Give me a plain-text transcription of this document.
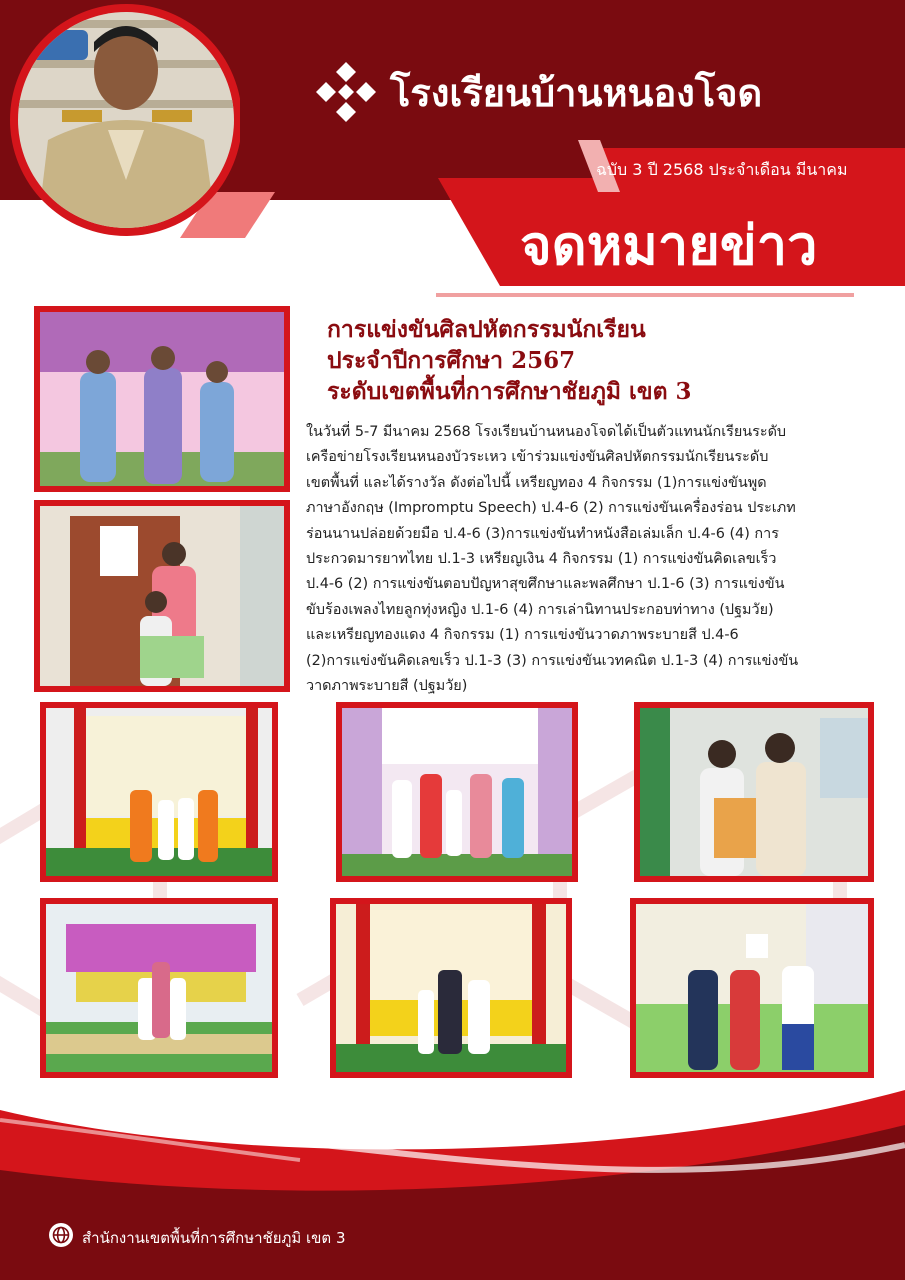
โรงเรียนบ้านหนองโจด
ฉบับ 3 ปี 2568 ประจำเดือน มีนาคม
จดหมายข่าว
การแข่งขันศิลปหัตกรรมนักเรียน
ประจำปีการศึกษา 2567
ระดับเขตพื้นที่การศึกษาชัยภูมิ เขต 3
ในวันที่ 5-7 มีนาคม 2568 โรงเรียนบ้านหนองโจดได้เป็นตัวแทนนักเรียนระดับ
เครือข่ายโรงเรียนหนองบัวระเหว เข้าร่วมแข่งขันศิลปหัตกรรมนักเรียนระดับ
เขตพื้นที่ และได้รางวัล ดังต่อไปนี้ เหรียญทอง 4 กิจกรรม (1)การแข่งขันพูด
ภาษาอังกฤษ (Impromptu Speech) ป.4-6 (2) การแข่งขันเครื่องร่อน ประเภท
ร่อนนานปล่อยด้วยมือ ป.4-6 (3)การแข่งขันทำหนังสือเล่มเล็ก ป.4-6 (4) การ
ประกวดมารยาทไทย ป.1-3 เหรียญเงิน 4 กิจกรรม (1) การแข่งขันคิดเลขเร็ว
ป.4-6 (2) การแข่งขันตอบปัญหาสุขศึกษาและพลศึกษา ป.1-6 (3) การแข่งขัน
ขับร้องเพลงไทยลูกทุ่งหญิง ป.1-6 (4) การเล่านิทานประกอบท่าทาง (ปฐมวัย)
และเหรียญทองแดง 4 กิจกรรม (1) การแข่งขันวาดภาพระบายสี ป.4-6
(2)การแข่งขันคิดเลขเร็ว ป.1-3 (3) การแข่งขันเวทคณิต ป.1-3 (4) การแข่งขัน
วาดภาพระบายสี (ปฐมวัย)
สำนักงานเขตพื้นที่การศึกษาชัยภูมิ เขต 3
